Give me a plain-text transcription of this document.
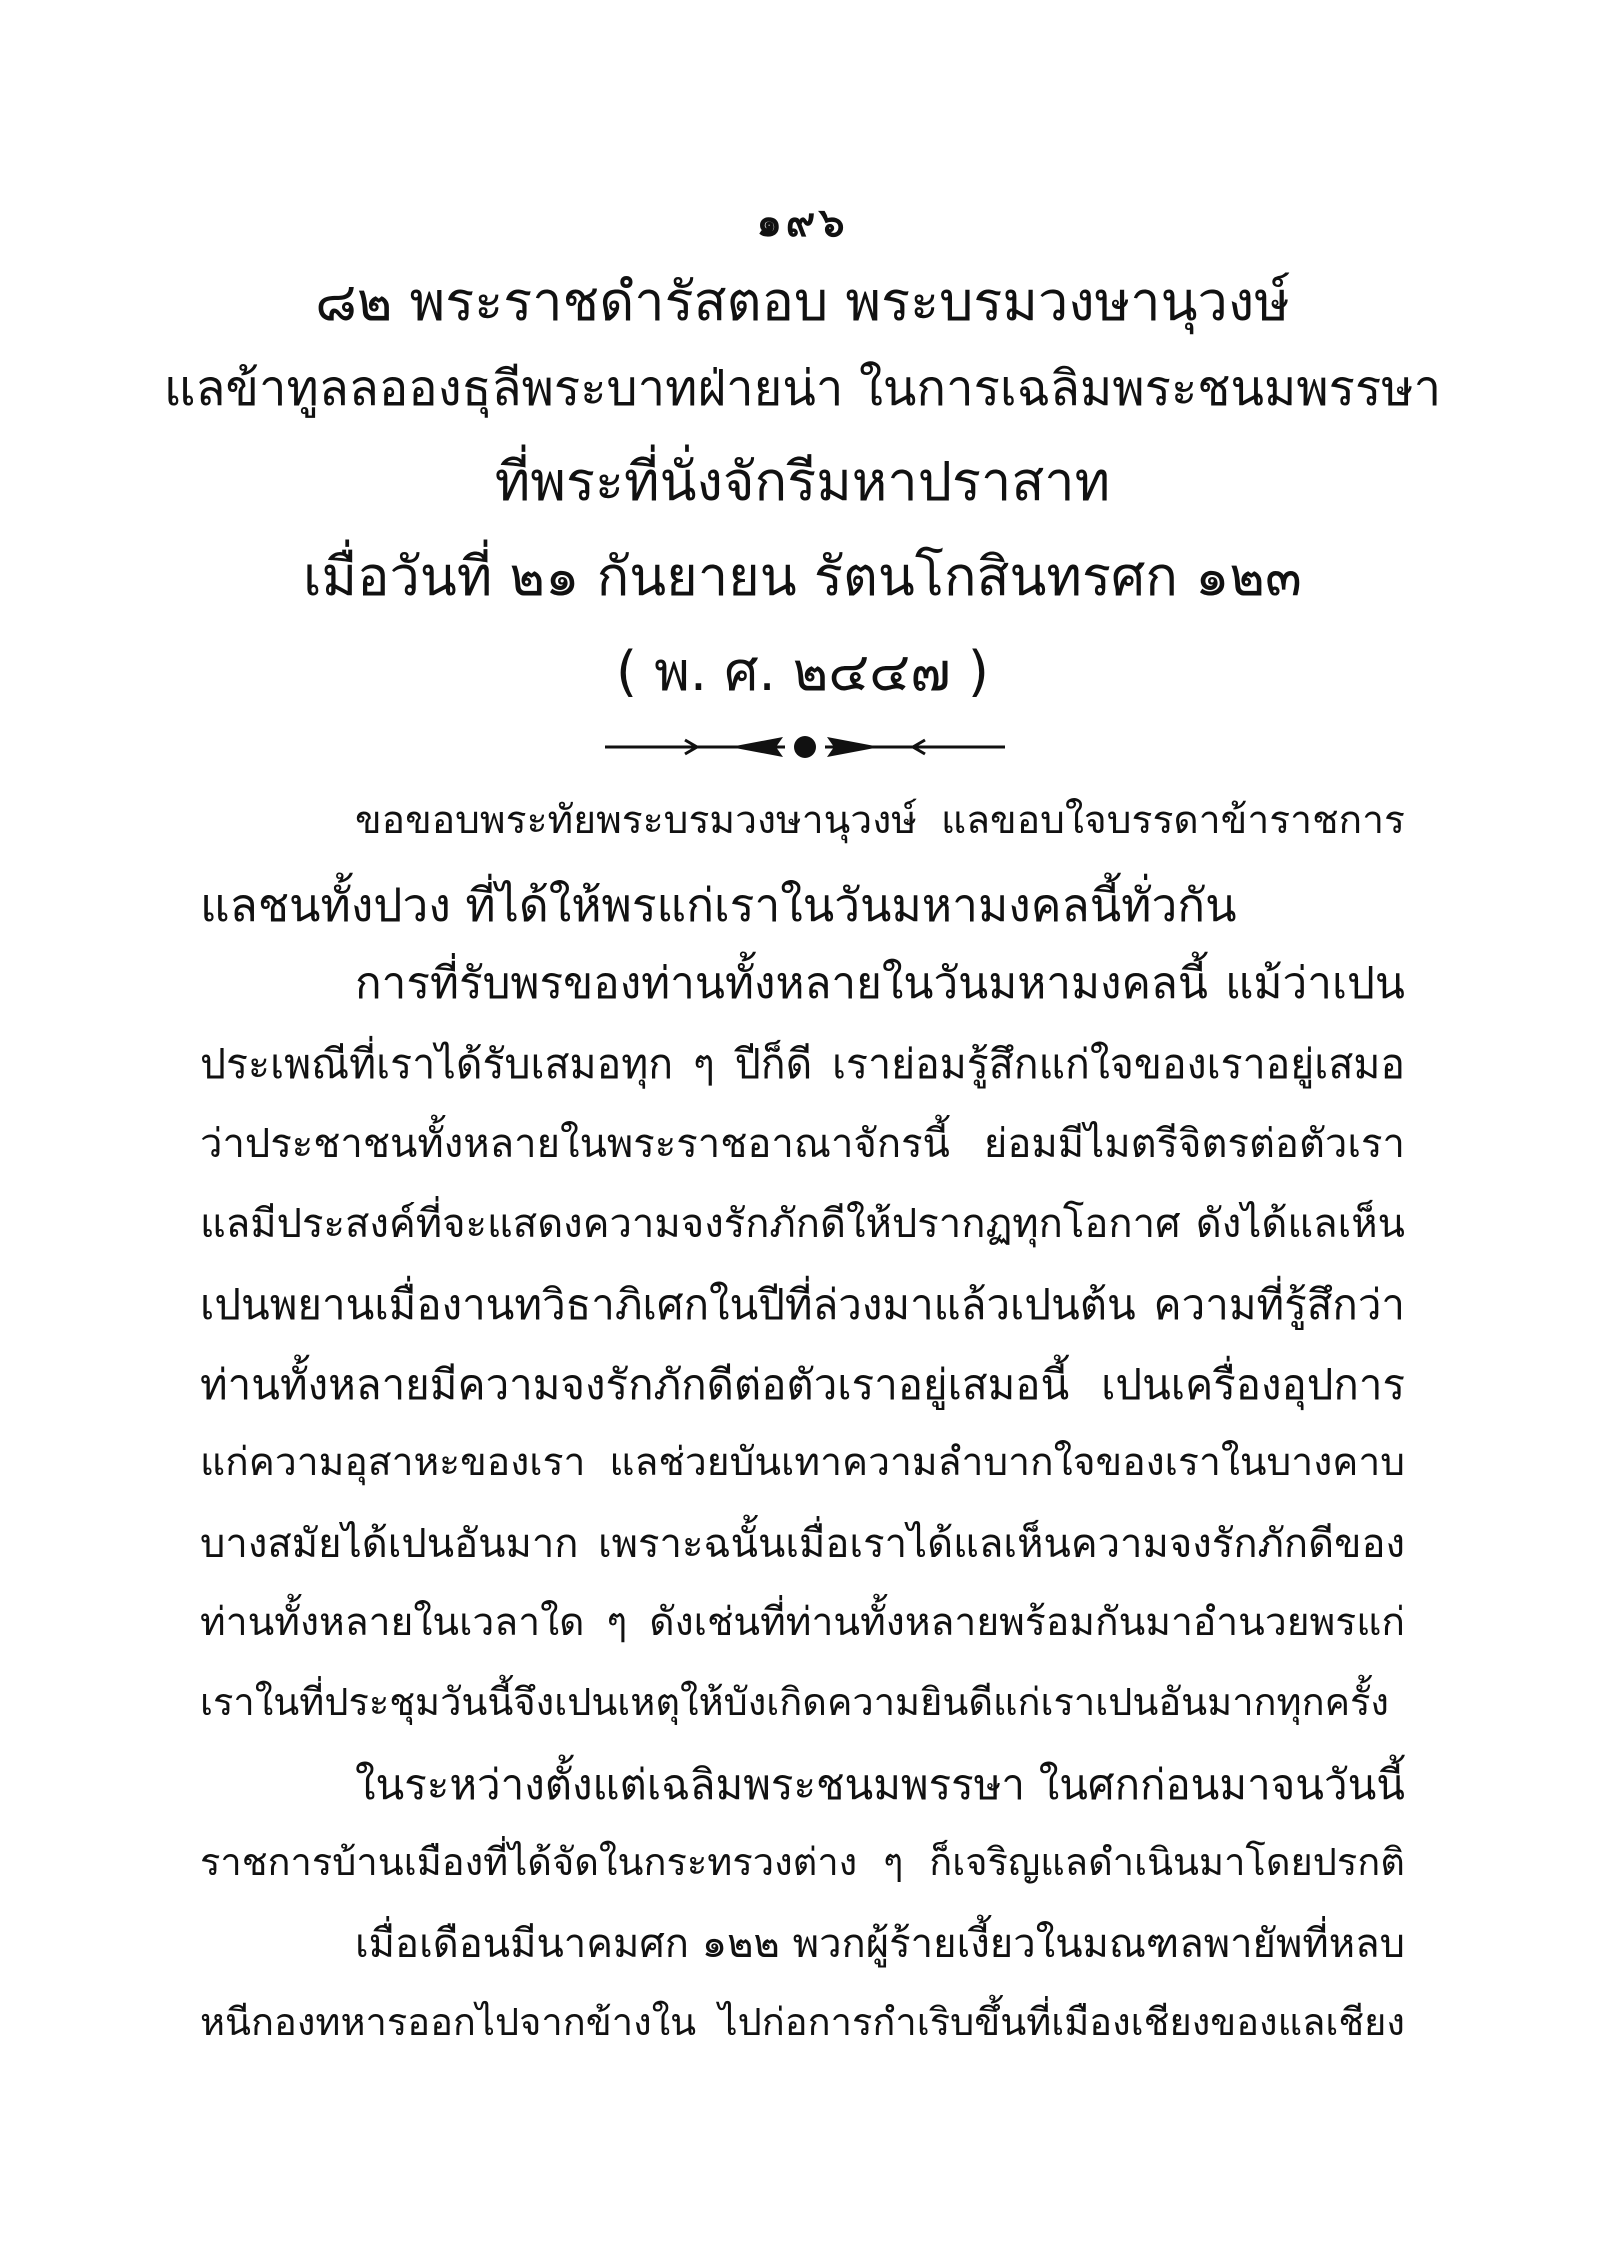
๑๙๖
๘๒ พระราชดำรัสตอบ พระบรมวงษานุวงษ์
แลข้าทูลลอองธุลีพระบาทฝ่ายน่า ในการเฉลิมพระชนมพรรษา
ที่พระที่นั่งจักรีมหาปราสาท
เมื่อวันที่ ๒๑ กันยายน รัตนโกสินทรศก ๑๒๓
( พ. ศ. ๒๔๔๗ )
ขอขอบพระทัยพระบรมวงษานุวงษ์ แลขอบใจบรรดาข้าราชการ
แลชนทั้งปวง ที่ได้ให้พรแก่เราในวันมหามงคลนี้ทั่วกัน
การที่รับพรของท่านทั้งหลายในวันมหามงคลนี้ แม้ว่าเปน
ประเพณีที่เราได้รับเสมอทุก ๆ ปีก็ดี เราย่อมรู้สึกแก่ใจของเราอยู่เสมอ
ว่าประชาชนทั้งหลายในพระราชอาณาจักรนี้ ย่อมมีไมตรีจิตรต่อตัวเรา
แลมีประสงค์ที่จะแสดงความจงรักภักดีให้ปรากฏทุกโอกาศ ดังได้แลเห็น
เปนพยานเมื่องานทวิธาภิเศกในปีที่ล่วงมาแล้วเปนต้น ความที่รู้สึกว่า
ท่านทั้งหลายมีความจงรักภักดีต่อตัวเราอยู่เสมอนี้ เปนเครื่องอุปการ
แก่ความอุสาหะของเรา แลช่วยบันเทาความลำบากใจของเราในบางคาบ
บางสมัยได้เปนอันมาก เพราะฉนั้นเมื่อเราได้แลเห็นความจงรักภักดีของ
ท่านทั้งหลายในเวลาใด ๆ ดังเช่นที่ท่านทั้งหลายพร้อมกันมาอำนวยพรแก่
เราในที่ประชุมวันนี้จึงเปนเหตุให้บังเกิดความยินดีแก่เราเปนอันมากทุกครั้ง
ในระหว่างตั้งแต่เฉลิมพระชนมพรรษา ในศกก่อนมาจนวันนี้
ราชการบ้านเมืองที่ได้จัดในกระทรวงต่าง ๆ ก็เจริญแลดำเนินมาโดยปรกติ
เมื่อเดือนมีนาคมศก ๑๒๒ พวกผู้ร้ายเงี้ยวในมณฑลพายัพที่หลบ
หนีกองทหารออกไปจากข้างใน ไปก่อการกำเริบขึ้นที่เมืองเชียงของแลเชียง
